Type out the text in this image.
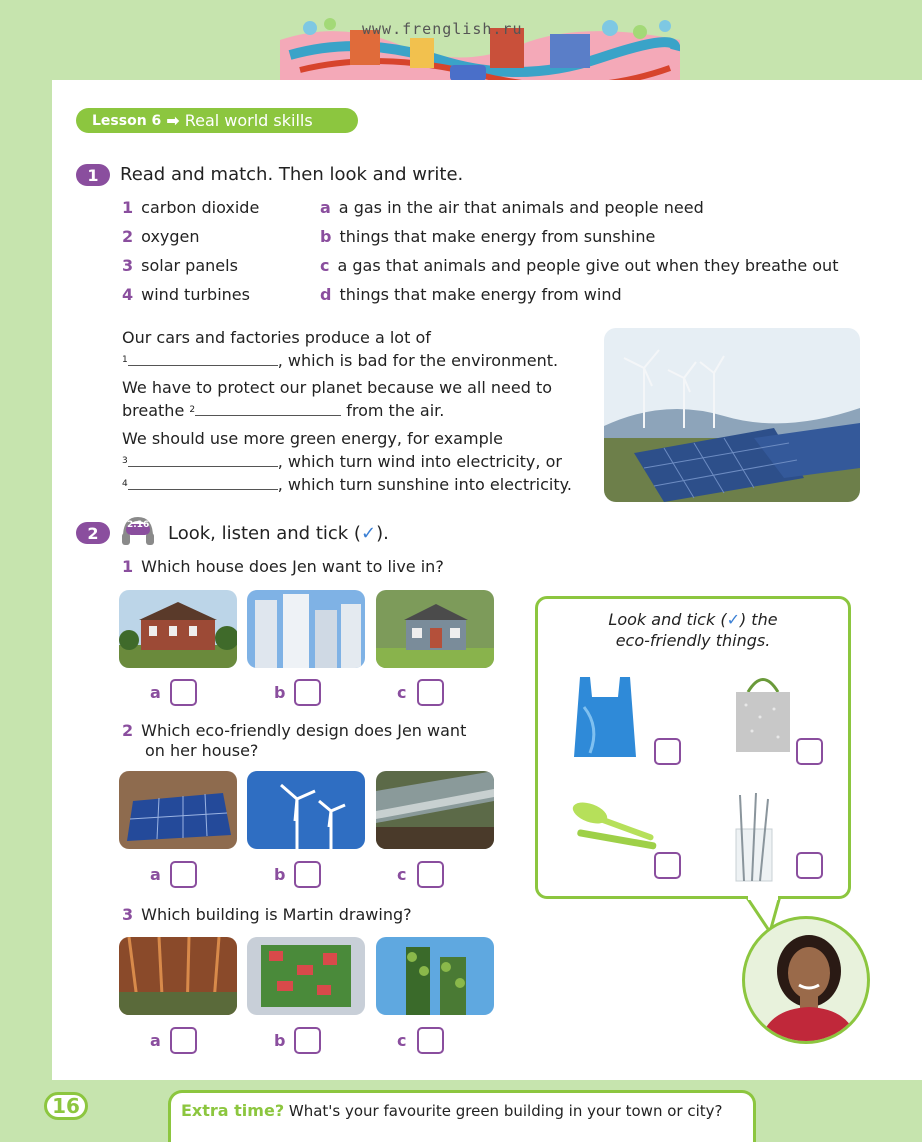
www.frenglish.ru
Lesson 6 ➡ Real world skills
1	Read and match. Then look and write.
1 carbon dioxide
2 oxygen
3 solar panels
4 wind turbines
a a gas in the air that animals and people need
b things that make energy from sunshine
c a gas that animals and people give out when they breathe out
d things that make energy from wind
Our cars and factories produce a lot of
$^1$	, which is bad for the environment.
We have to protect our planet because we all need to
breathe $^2$	from the air.
We should use more green energy, for example
$^3$	, which turn wind into electricity, or
$^4$	, which turn sunshine into electricity.
2	2.16 Look, listen and tick (✓).
1 Which house does Jen want to live in?
a	b	c
2 Which eco-friendly design does Jen want
on her house?
a	b	c
3 Which building is Martin drawing?
a	b	c
Look and tick (✓) the
eco-friendly things.
16	Extra time? What's your favourite green building in your town or city?
